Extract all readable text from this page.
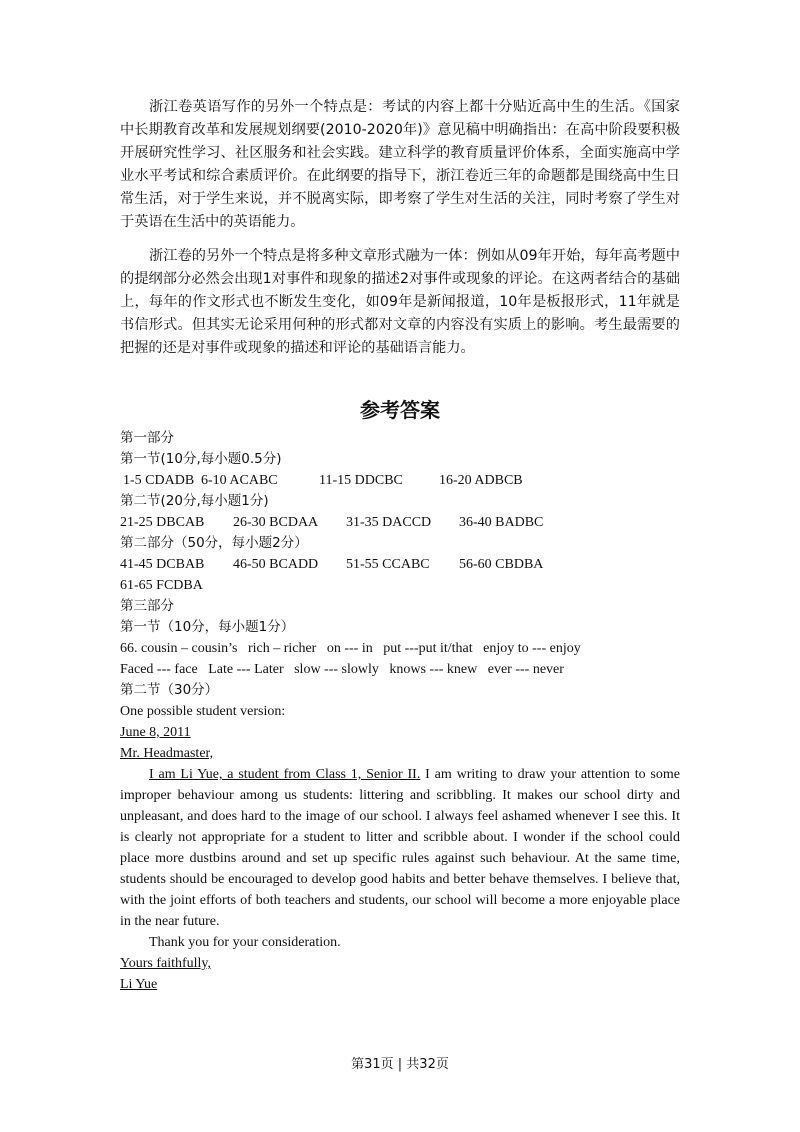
浙江卷英语写作的另外一个特点是：考试的内容上都十分贴近高中生的生活。《国家中长期教育改革和发展规划纲要(2010-2020年)》意见稿中明确指出：在高中阶段要积极开展研究性学习、社区服务和社会实践。建立科学的教育质量评价体系，全面实施高中学业水平考试和综合素质评价。在此纲要的指导下，浙江卷近三年的命题都是围绕高中生日常生活，对于学生来说，并不脱离实际，即考察了学生对生活的关注，同时考察了学生对于英语在生活中的英语能力。

浙江卷的另外一个特点是将多种文章形式融为一体：例如从09年开始，每年高考题中的提纲部分必然会出现1对事件和现象的描述2对事件或现象的评论。在这两者结合的基础上，每年的作文形式也不断发生变化，如09年是新闻报道，10年是板报形式，11年就是书信形式。但其实无论采用何种的形式都对文章的内容没有实质上的影响。考生最需要的把握的还是对事件或现象的描述和评论的基础语言能力。

参考答案
第一部分
第一节(10分,每小题0.5分)
1-5 CDADB 6-10 ACABC	11-15 DDCBC	16-20 ADBCB
第二节(20分,每小题1分)
21-25 DBCAB 26-30 BCDAA 31-35 DACCD 36-40 BADBC
第二部分（50分，每小题2分）
41-45 DCBAB 46-50 BCADD 51-55 CCABC 56-60 CBDBA
61-65 FCDBA
第三部分
第一节（10分，每小题1分）
66. cousin – cousin’s   rich – richer   on --- in   put ---put it/that   enjoy to --- enjoy
Faced --- face   Late --- Later   slow --- slowly   knows --- knew   ever --- never
第二节（30分）
One possible student version:
June 8, 2011
Mr. Headmaster,

I am Li Yue, a student from Class 1, Senior II. I am writing to draw your attention to some improper behaviour among us students: littering and scribbling. It makes our school dirty and unpleasant, and does hard to the image of our school. I always feel ashamed whenever I see this. It is clearly not appropriate for a student to litter and scribble about. I wonder if the school could place more dustbins around and set up specific rules against such behaviour. At the same time, students should be encouraged to develop good habits and better behave themselves. I believe that, with the joint efforts of both teachers and students, our school will become a more enjoyable place in the near future.

Thank you for your consideration.

Yours faithfully,
Li Yue
第31页 | 共32页
